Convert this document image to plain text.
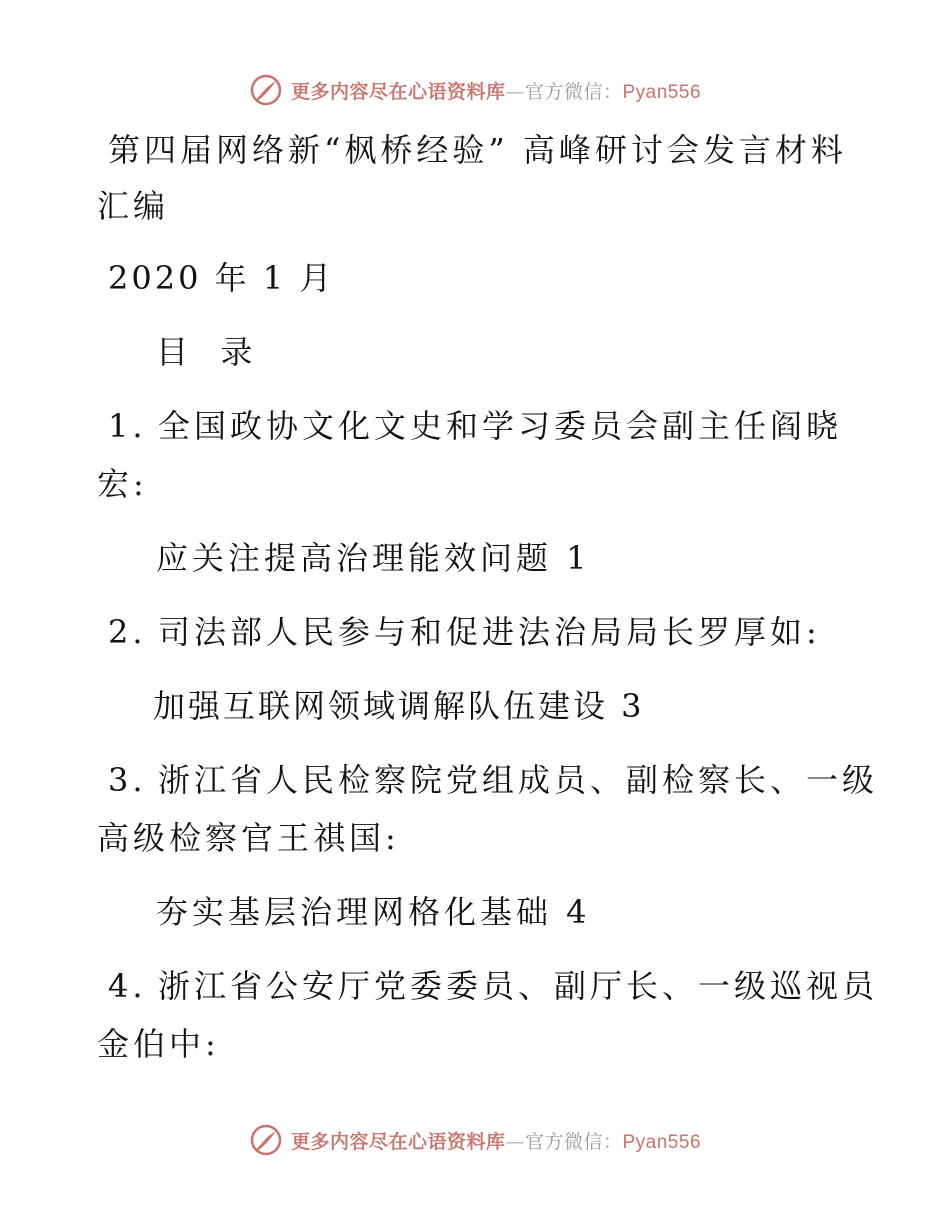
更多内容尽在心语资料库—官方微信：Pyan556
第四届网络新“枫桥经验” 高峰研讨会发言材料
汇编
2020 年 1 月
目  录
1. 全国政协文化文史和学习委员会副主任阎晓
宏:
应关注提高治理能效问题 1
2. 司法部人民参与和促进法治局局长罗厚如:
加强互联网领域调解队伍建设 3
3. 浙江省人民检察院党组成员、副检察长、一级
高级检察官王祺国:
夯实基层治理网格化基础 4
4. 浙江省公安厅党委委员、副厅长、一级巡视员
金伯中:
更多内容尽在心语资料库—官方微信：Pyan556
